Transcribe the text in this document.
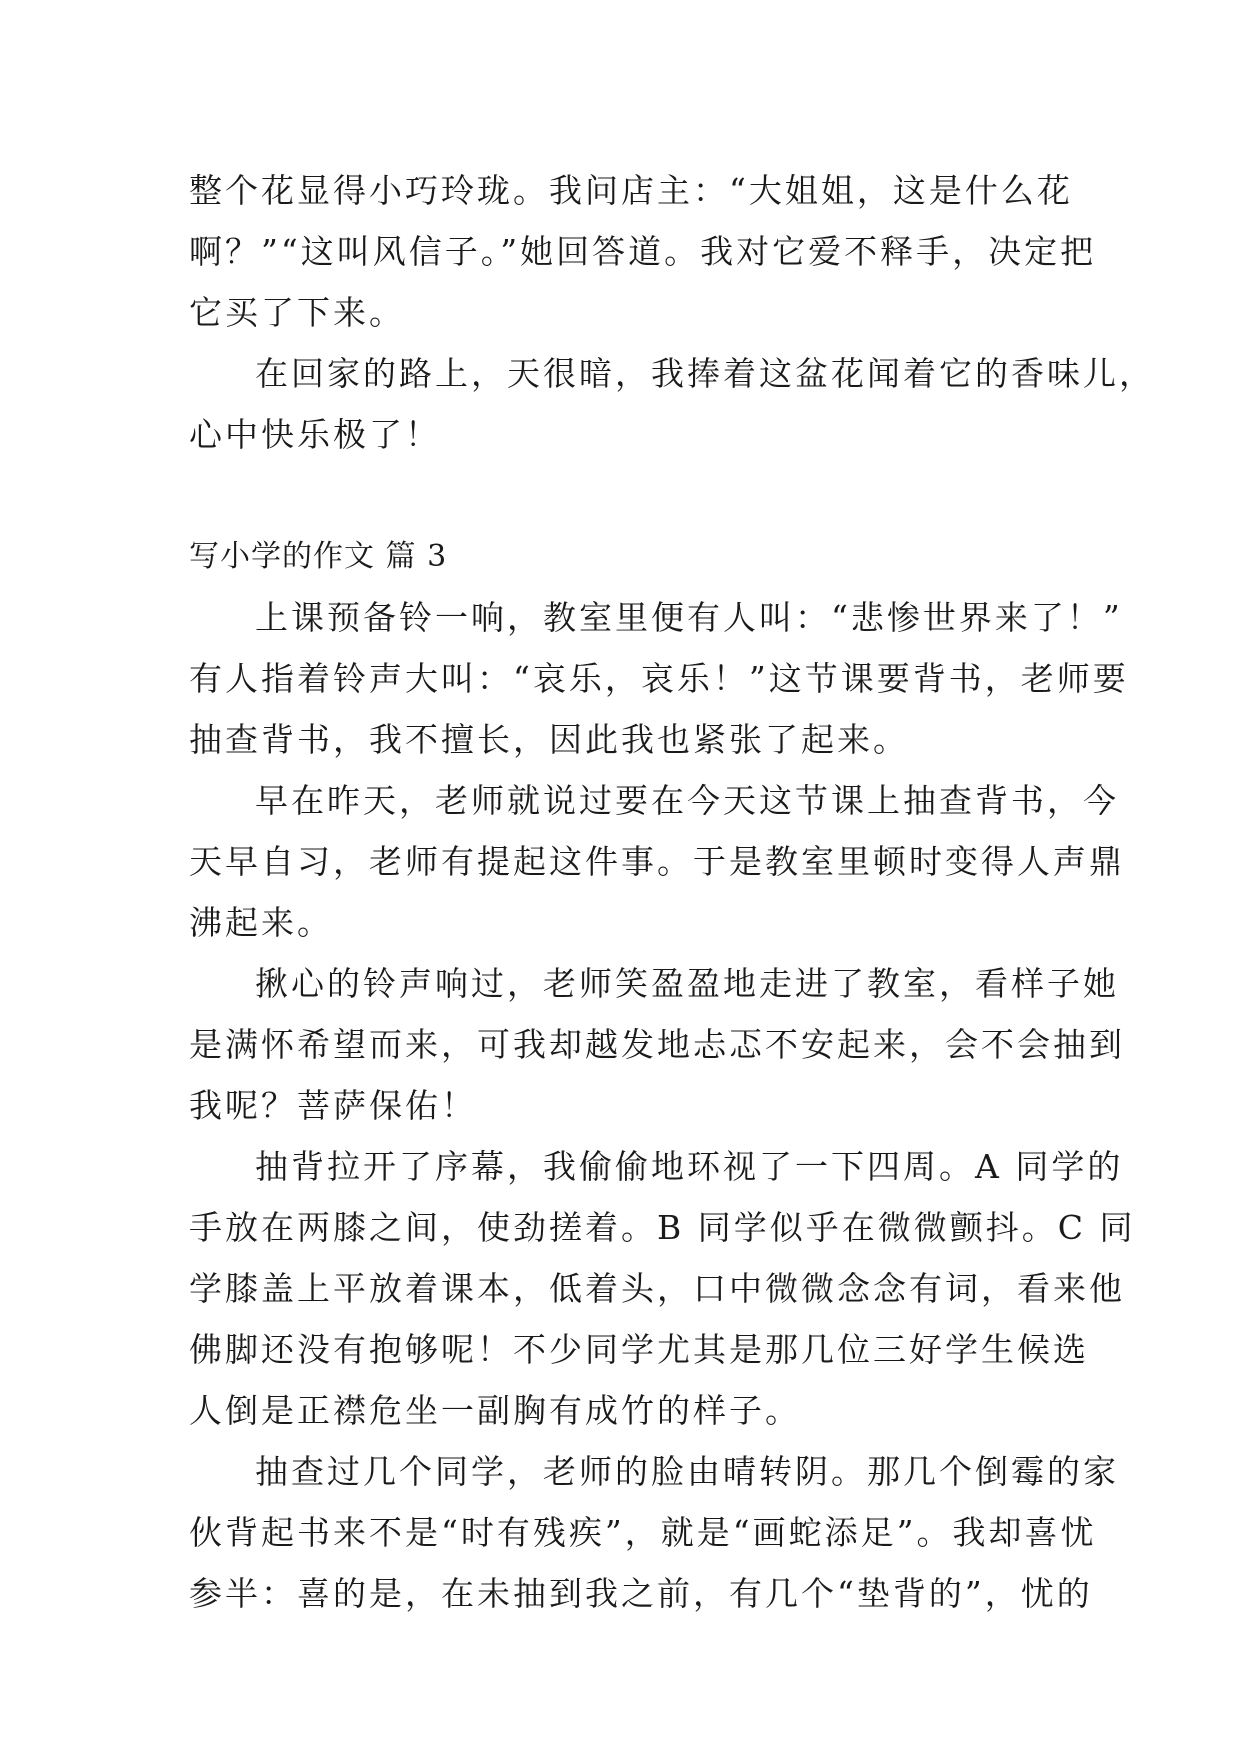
整个花显得小巧玲珑。我问店主：“大姐姐，这是什么花
啊？”“这叫风信子。”她回答道。我对它爱不释手，决定把
它买了下来。
在回家的路上，天很暗，我捧着这盆花闻着它的香味儿，
心中快乐极了！
写小学的作文 篇 3
上课预备铃一响，教室里便有人叫：“悲惨世界来了！”
有人指着铃声大叫：“哀乐，哀乐！”这节课要背书，老师要
抽查背书，我不擅长，因此我也紧张了起来。
早在昨天，老师就说过要在今天这节课上抽查背书，今
天早自习，老师有提起这件事。于是教室里顿时变得人声鼎
沸起来。
揪心的铃声响过，老师笑盈盈地走进了教室，看样子她
是满怀希望而来，可我却越发地忐忑不安起来，会不会抽到
我呢？菩萨保佑！
抽背拉开了序幕，我偷偷地环视了一下四周。A 同学的
手放在两膝之间，使劲搓着。B 同学似乎在微微颤抖。C 同
学膝盖上平放着课本，低着头，口中微微念念有词，看来他
佛脚还没有抱够呢！不少同学尤其是那几位三好学生候选
人倒是正襟危坐一副胸有成竹的样子。
抽查过几个同学，老师的脸由晴转阴。那几个倒霉的家
伙背起书来不是“时有残疾”，就是“画蛇添足”。我却喜忧
参半：喜的是，在未抽到我之前，有几个“垫背的”，忧的
